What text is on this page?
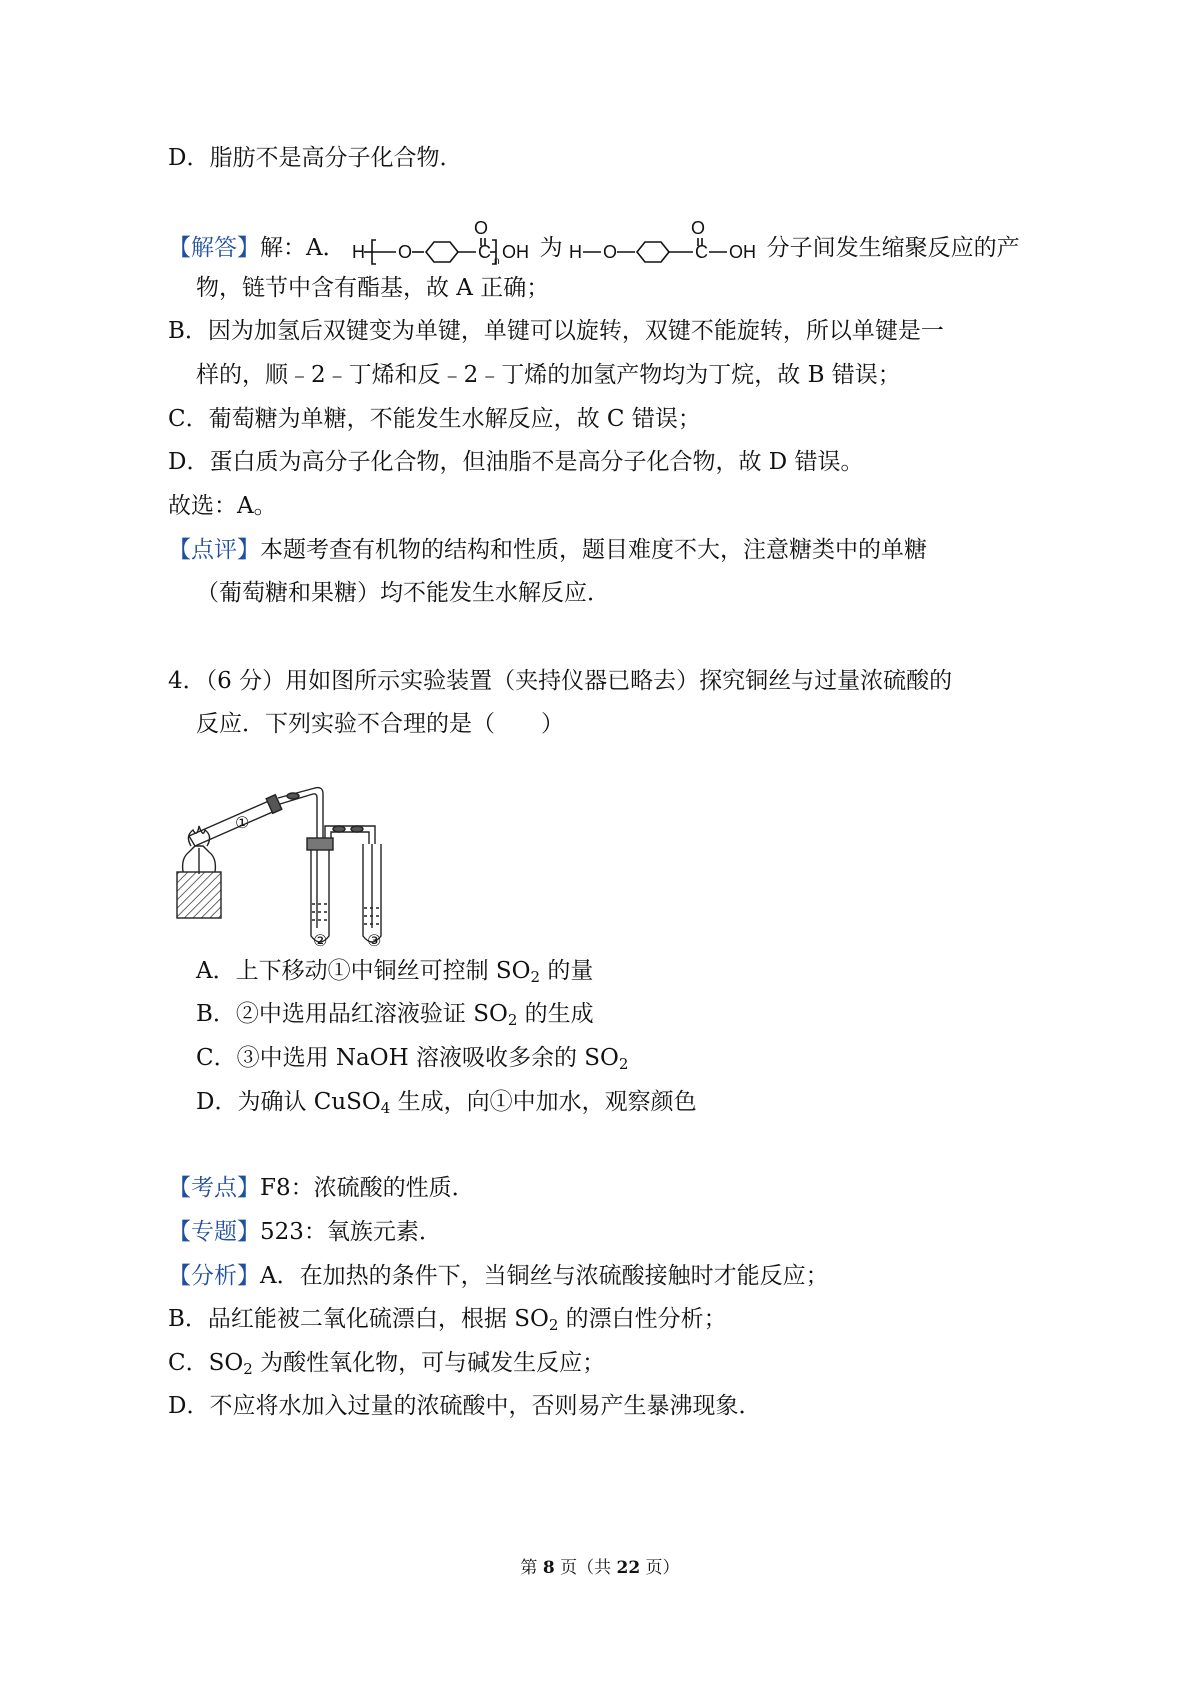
D．脂肪不是高分子化合物．
【解答】解：A． H O	C
O
OH
n
为 H O	C
O
OH 分子间发生缩聚反应的产
物，链节中含有酯基，故 A 正确；
B．因为加氢后双键变为单键，单键可以旋转，双键不能旋转，所以单键是一
样的，顺﹣2﹣丁烯和反﹣2﹣丁烯的加氢产物均为丁烷，故 B 错误；
C．葡萄糖为单糖，不能发生水解反应，故 C 错误；
D．蛋白质为高分子化合物，但油脂不是高分子化合物，故 D 错误。
故选：A。
【点评】本题考查有机物的结构和性质，题目难度不大，注意糖类中的单糖
（葡萄糖和果糖）均不能发生水解反应．
4．（6 分）用如图所示实验装置（夹持仪器已略去）探究铜丝与过量浓硫酸的
反应．下列实验不合理的是（　　）
①
② ③
A．上下移动①中铜丝可控制 $SO_2$ 的量
B．②中选用品红溶液验证 $SO_2$ 的生成
C．③中选用 NaOH 溶液吸收多余的 $SO_2$
D．为确认 CuSO$_4$ 生成，向①中加水，观察颜色
【考点】F8：浓硫酸的性质．
【专题】523：氧族元素．
【分析】A．在加热的条件下，当铜丝与浓硫酸接触时才能反应；
B．品红能被二氧化硫漂白，根据 $SO_2$ 的漂白性分析；
C．$SO_2$ 为酸性氧化物，可与碱发生反应；
D．不应将水加入过量的浓硫酸中，否则易产生暴沸现象．
第 8 页（共 22 页）
